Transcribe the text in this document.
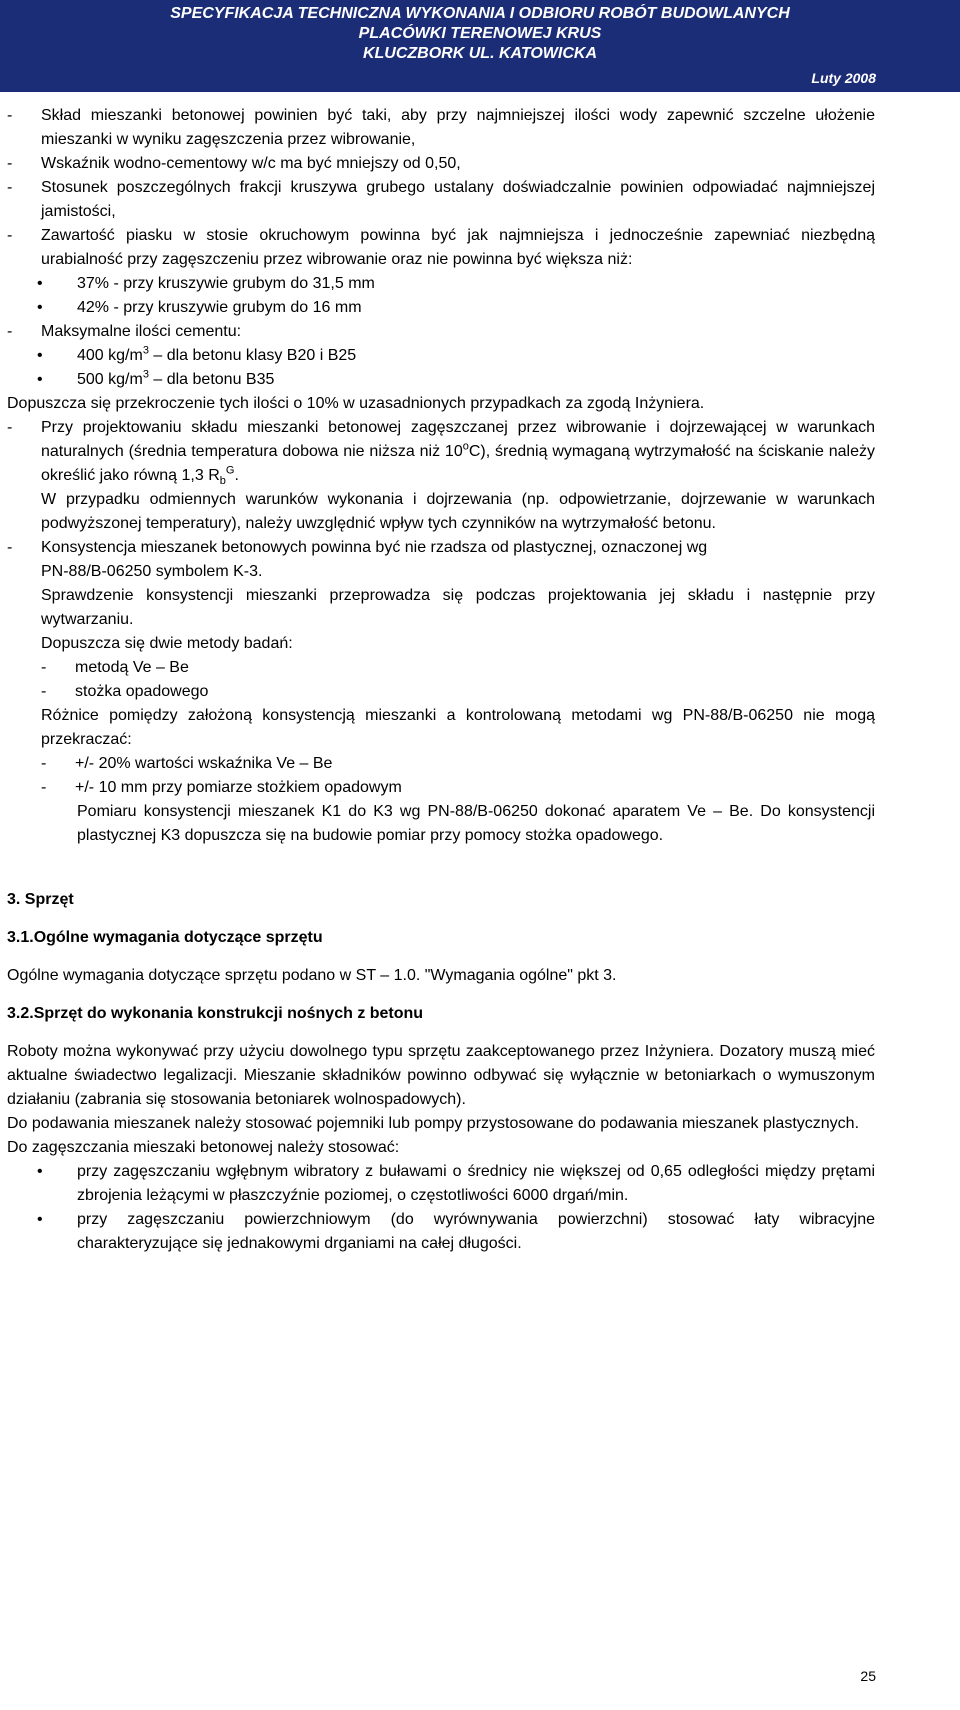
SPECYFIKACJA TECHNICZNA WYKONANIA I ODBIORU ROBÓT BUDOWLANYCH
PLACÓWKI TERENOWEJ KRUS
KLUCZBORK UL. KATOWICKA
Luty 2008
-	Skład mieszanki betonowej powinien być taki, aby przy najmniejszej ilości wody zapewnić szczelne ułożenie mieszanki w wyniku zagęszczenia przez wibrowanie,
-	Wskaźnik wodno-cementowy w/c ma być mniejszy od 0,50,
-	Stosunek poszczególnych frakcji kruszywa grubego ustalany doświadczalnie powinien odpowiadać najmniejszej jamistości,
-	Zawartość piasku w stosie okruchowym powinna być jak najmniejsza i jednocześnie zapewniać niezbędną urabialność przy zagęszczeniu przez wibrowanie oraz nie powinna być większa niż:
•
37% - przy kruszywie grubym do 31,5 mm
•
42% - przy kruszywie grubym do 16 mm
-	Maksymalne ilości cementu:
•
400 $kg/m^3$ – dla betonu klasy B20 i B25
•
500 $kg/m^3$ – dla betonu B35
Dopuszcza się przekroczenie tych ilości o 10% w uzasadnionych przypadkach za zgodą Inżyniera.
-	Przy projektowaniu składu mieszanki betonowej zagęszczanej przez wibrowanie i dojrzewającej w warunkach naturalnych (średnia temperatura dobowa nie niższa niż 10$^o$C), średnią wymaganą wytrzymałość na ściskanie należy określić jako równą 1,3 $R_b^G$.
W przypadku odmiennych warunków wykonania i dojrzewania (np. odpowietrzanie, dojrzewanie w warunkach podwyższonej temperatury), należy uwzględnić wpływ tych czynników na wytrzymałość betonu.
-	Konsystencja mieszanek betonowych powinna być nie rzadsza od plastycznej, oznaczonej wg
PN-88/B-06250 symbolem K-3.
Sprawdzenie konsystencji mieszanki przeprowadza się podczas projektowania jej składu i następnie przy wytwarzaniu.
Dopuszcza się dwie metody badań:
-	metodą Ve – Be
-	stożka opadowego
Różnice pomiędzy założoną konsystencją mieszanki a kontrolowaną metodami wg PN-88/B-06250 nie mogą przekraczać:
-	+/- 20% wartości wskaźnika Ve – Be
-	+/- 10 mm przy pomiarze stożkiem opadowym
Pomiaru konsystencji mieszanek K1 do K3 wg PN-88/B-06250 dokonać aparatem Ve – Be. Do konsystencji plastycznej K3 dopuszcza się na budowie pomiar przy pomocy stożka opadowego.
3. Sprzęt
3.1.Ogólne wymagania dotyczące sprzętu
Ogólne wymagania dotyczące sprzętu podano w ST – 1.0. "Wymagania ogólne" pkt 3.
3.2.Sprzęt do wykonania konstrukcji nośnych z betonu
Roboty można wykonywać przy użyciu dowolnego typu sprzętu zaakceptowanego przez Inżyniera. Dozatory muszą mieć aktualne świadectwo legalizacji. Mieszanie składników powinno odbywać się wyłącznie w betoniarkach o wymuszonym działaniu (zabrania się stosowania betoniarek wolnospadowych).
Do podawania mieszanek należy stosować pojemniki lub pompy przystosowane do podawania mieszanek plastycznych.
Do zagęszczania mieszaki betonowej należy stosować:
•
przy zagęszczaniu wgłębnym wibratory z buławami o średnicy nie większej od 0,65 odległości między prętami zbrojenia leżącymi w płaszczyźnie poziomej, o częstotliwości 6000 drgań/min.
•
przy zagęszczaniu powierzchniowym (do wyrównywania powierzchni) stosować łaty wibracyjne charakteryzujące się jednakowymi drganiami na całej długości.
25
